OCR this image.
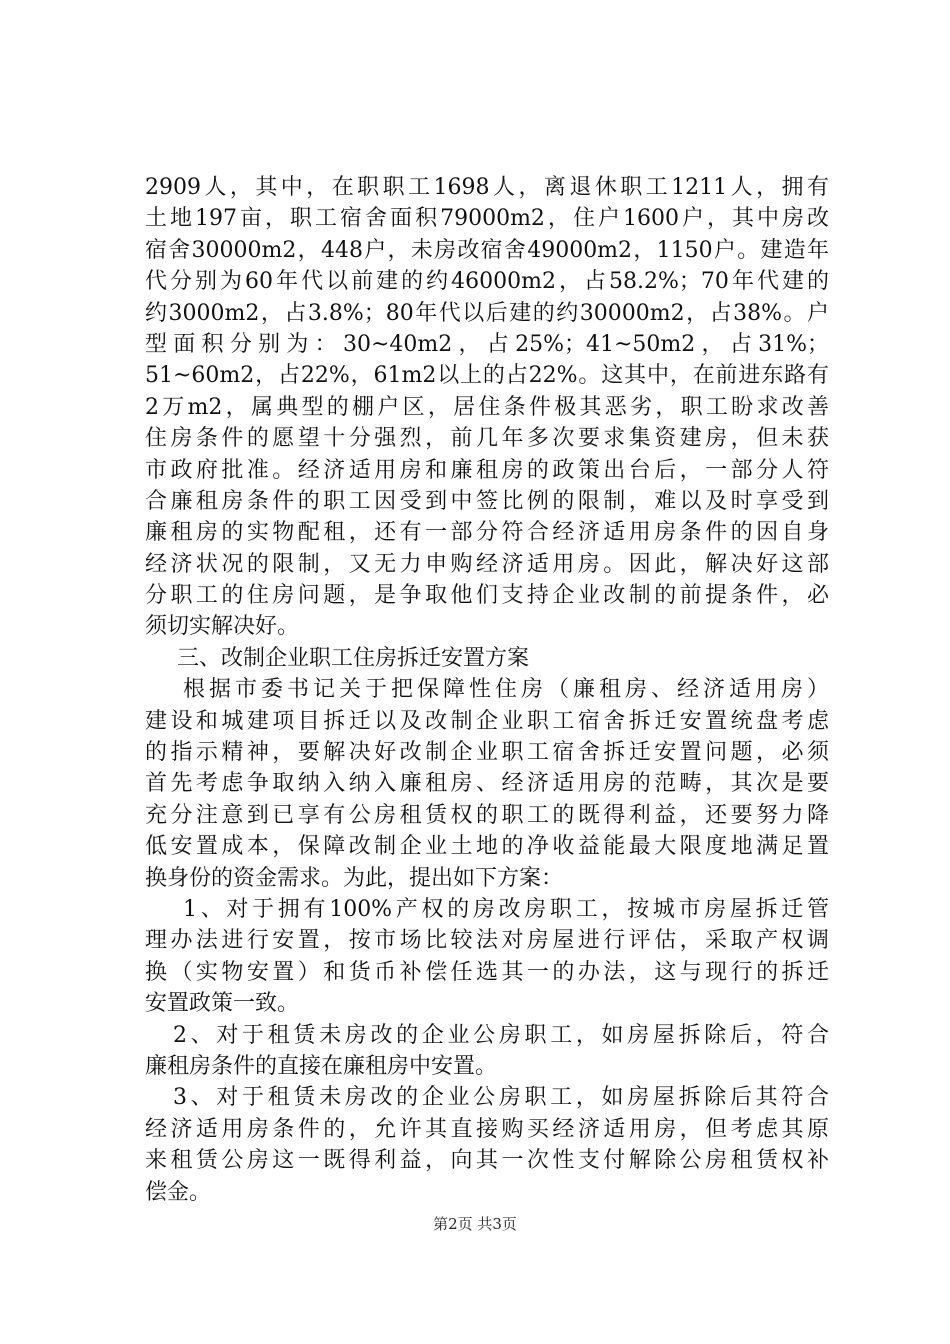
2909人，其中，在职职工1698人，离退休职工1211人，拥有
土地197亩，职工宿舍面积79000m2，住户1600户，其中房改
宿舍30000m2，448户，未房改宿舍49000m2，1150户。建造年
代分别为60年代以前建的约46000m2，占58.2%；70年代建的
约3000m2，占3.8%；80年代以后建的约30000m2，占38%。户
型面积分别为：30~40m2，占25%；41~50m2，占31%；
51~60m2，占22%，61m2以上的占22%。这其中，在前进东路有
2万m2，属典型的棚户区，居住条件极其恶劣，职工盼求改善
住房条件的愿望十分强烈，前几年多次要求集资建房，但未获
市政府批准。经济适用房和廉租房的政策出台后，一部分人符
合廉租房条件的职工因受到中签比例的限制，难以及时享受到
廉租房的实物配租，还有一部分符合经济适用房条件的因自身
经济状况的限制，又无力申购经济适用房。因此，解决好这部
分职工的住房问题，是争取他们支持企业改制的前提条件，必
须切实解决好。
三、改制企业职工住房拆迁安置方案
根据市委书记关于把保障性住房（廉租房、经济适用房）
建设和城建项目拆迁以及改制企业职工宿舍拆迁安置统盘考虑
的指示精神，要解决好改制企业职工宿舍拆迁安置问题，必须
首先考虑争取纳入纳入廉租房、经济适用房的范畴，其次是要
充分注意到已享有公房租赁权的职工的既得利益，还要努力降
低安置成本，保障改制企业土地的净收益能最大限度地满足置
换身份的资金需求。为此，提出如下方案：
1、对于拥有100%产权的房改房职工，按城市房屋拆迁管
理办法进行安置，按市场比较法对房屋进行评估，采取产权调
换（实物安置）和货币补偿任选其一的办法，这与现行的拆迁
安置政策一致。
2、对于租赁未房改的企业公房职工，如房屋拆除后，符合
廉租房条件的直接在廉租房中安置。
3、对于租赁未房改的企业公房职工，如房屋拆除后其符合
经济适用房条件的，允许其直接购买经济适用房，但考虑其原
来租赁公房这一既得利益，向其一次性支付解除公房租赁权补
偿金。
第2页 共3页
